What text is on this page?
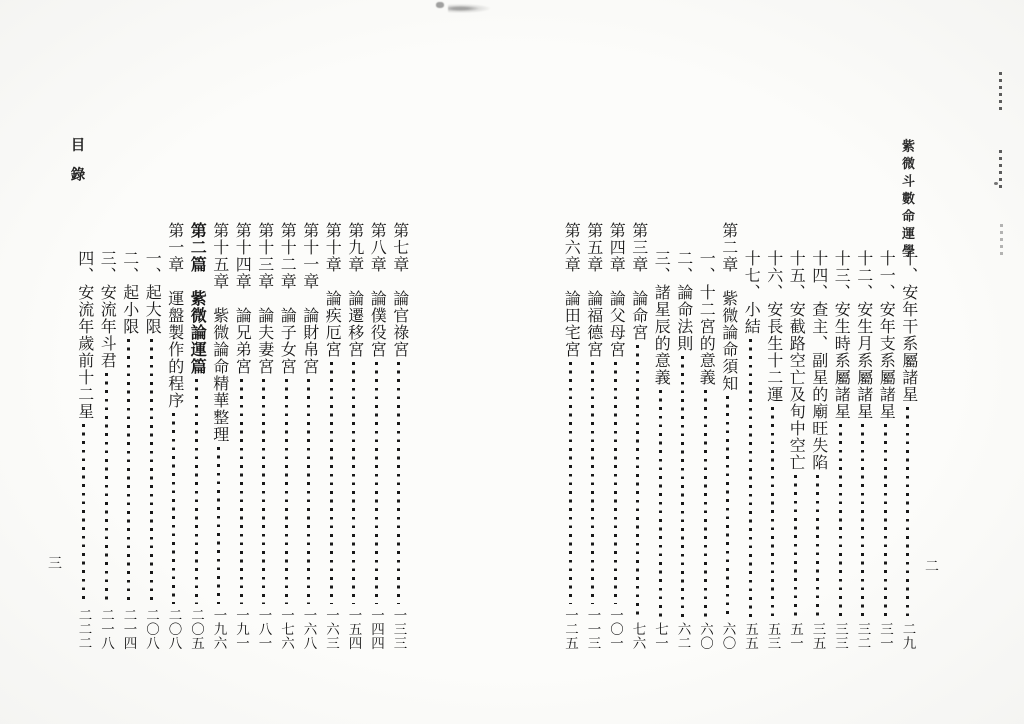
紫微斗數命運學
目錄
二
三
十、安年干系屬諸星
二九
十一、安年支系屬諸星
三一
十二、安生月系屬諸星
三二
十三、安生時系屬諸星
三三
十四、查主、副星的廟旺失陷
三五
十五、安截路空亡及旬中空亡
五一
十六、安長生十二運
五三
十七、小結
五五
第二章　紫微論命須知
六〇
一、十二宮的意義
六〇
二、論命法則
六二
三、諸星辰的意義
七一
第三章　論命宮
七六
第四章　論父母宮
一〇一
第五章　論福德宮
一一三
第六章　論田宅宮
一二五
第七章　論官祿宮
一三三
第八章　論僕役宮
一四四
第九章　論遷移宮
一五四
第十章　論疾厄宮
一六三
第十一章　論財帛宮
一六八
第十二章　論子女宮
一七六
第十三章　論夫妻宮
一八一
第十四章　論兄弟宮
一九一
第十五章　紫微論命精華整理
一九六
第二篇　紫微論運篇
二〇五
第一章　運盤製作的程序
二〇八
一、起大限
二〇八
二、起小限
二一四
三、安流年斗君
二一八
四、安流年歲前十二星
二二二
